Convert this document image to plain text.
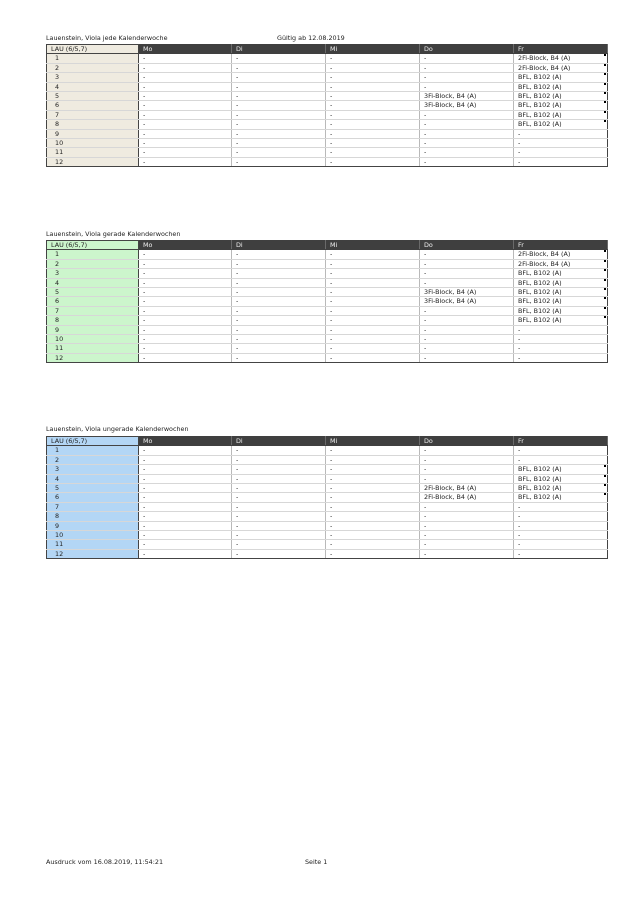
Lauenstein, Viola jede Kalenderwoche	Gültig ab 12.08.2019
LAU (6/5,7)	Mo	Di	Mi	Do	Fr
1	-	-	-	-	2Fi-Block, B4 (A)
2	-	-	-	-	2Fi-Block, B4 (A)
3	-	-	-	-	BFL, B102 (A)
4	-	-	-	-	BFL, B102 (A)
5	-	-	-	3Fi-Block, B4 (A)	BFL, B102 (A)
6	-	-	-	3Fi-Block, B4 (A)	BFL, B102 (A)
7	-	-	-	-	BFL, B102 (A)
8	-	-	-	-	BFL, B102 (A)
9	-	-	-	-	-
10	-	-	-	-	-
11	-	-	-	-	-
12	-	-	-	-	-
Lauenstein, Viola gerade Kalenderwochen
LAU (6/5,7)	Mo	Di	Mi	Do	Fr
1	-	-	-	-	2Fi-Block, B4 (A)
2	-	-	-	-	2Fi-Block, B4 (A)
3	-	-	-	-	BFL, B102 (A)
4	-	-	-	-	BFL, B102 (A)
5	-	-	-	3Fi-Block, B4 (A)	BFL, B102 (A)
6	-	-	-	3Fi-Block, B4 (A)	BFL, B102 (A)
7	-	-	-	-	BFL, B102 (A)
8	-	-	-	-	BFL, B102 (A)
9	-	-	-	-	-
10	-	-	-	-	-
11	-	-	-	-	-
12	-	-	-	-	-
Lauenstein, Viola ungerade Kalenderwochen
LAU (6/5,7)	Mo	Di	Mi	Do	Fr
1	-	-	-	-	-
2	-	-	-	-	-
3	-	-	-	-	BFL, B102 (A)
4	-	-	-	-	BFL, B102 (A)
5	-	-	-	2Fi-Block, B4 (A)	BFL, B102 (A)
6	-	-	-	2Fi-Block, B4 (A)	BFL, B102 (A)
7	-	-	-	-	-
8	-	-	-	-	-
9	-	-	-	-	-
10	-	-	-	-	-
11	-	-	-	-	-
12	-	-	-	-	-
Ausdruck vom 16.08.2019, 11:54:21	Seite 1
